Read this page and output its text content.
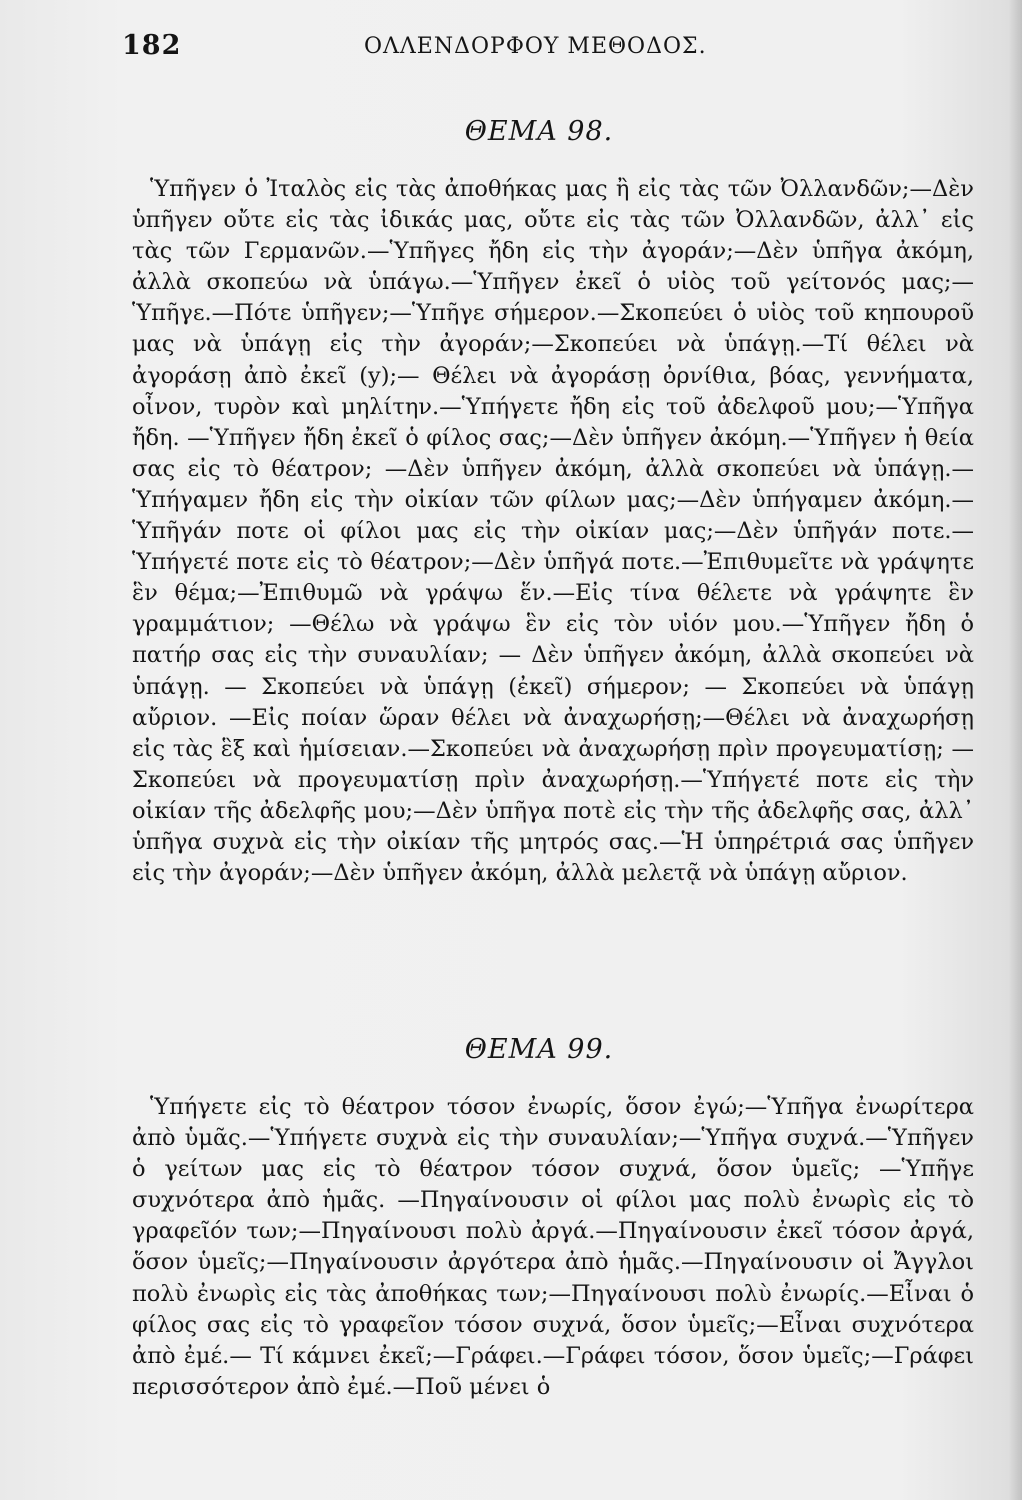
182	ΟΛΛΕΝΔΟΡΦΟΥ ΜΕΘΟΔΟΣ.
ΘΕΜΑ 98.

Ὑπῆγεν ὁ Ἰταλὸς εἰς τὰς ἀποθήκας μας ἢ εἰς τὰς τῶν Ὀλλανδῶν;—Δὲν ὑπῆγεν οὔτε εἰς τὰς ἰδικάς μας, οὔτε εἰς τὰς τῶν Ὀλλανδῶν, ἀλλ᾽ εἰς τὰς τῶν Γερμανῶν.—Ὑπῆγες ἤδη εἰς τὴν ἀγοράν;—Δὲν ὑπῆγα ἀκόμη, ἀλλὰ σκοπεύω νὰ ὑπάγω.—Ὑπῆγεν ἐκεῖ ὁ υἱὸς τοῦ γείτονός μας;—Ὑπῆγε.—Πότε ὑπῆγεν;—Ὑπῆγε σήμερον.—Σκοπεύει ὁ υἱὸς τοῦ κηπουροῦ μας νὰ ὑπάγῃ εἰς τὴν ἀγοράν;—Σκοπεύει νὰ ὑπάγῃ.—Τί θέλει νὰ ἀγοράσῃ ἀπὸ ἐκεῖ (y);— Θέλει νὰ ἀγοράσῃ ὀρνίθια, βόας, γεννήματα, οἶνον, τυρὸν καὶ μηλίτην.—Ὑπήγετε ἤδη εἰς τοῦ ἀδελφοῦ μου;—Ὑπῆγα ἤδη. —Ὑπῆγεν ἤδη ἐκεῖ ὁ φίλος σας;—Δὲν ὑπῆγεν ἀκόμη.—Ὑπῆγεν ἡ θεία σας εἰς τὸ θέατρον; —Δὲν ὑπῆγεν ἀκόμη, ἀλλὰ σκοπεύει νὰ ὑπάγῃ.—Ὑπήγαμεν ἤδη εἰς τὴν οἰκίαν τῶν φίλων μας;—Δὲν ὑπήγαμεν ἀκόμη.—Ὑπῆγάν ποτε οἱ φίλοι μας εἰς τὴν οἰκίαν μας;—Δὲν ὑπῆγάν ποτε.—Ὑπήγετέ ποτε εἰς τὸ θέατρον;—Δὲν ὑπῆγά ποτε.—Ἐπιθυμεῖτε νὰ γράψητε ἓν θέμα;—Ἐπιθυμῶ νὰ γράψω ἕν.—Εἰς τίνα θέλετε νὰ γράψητε ἓν γραμμάτιον; —Θέλω νὰ γράψω ἓν εἰς τὸν υἱόν μου.—Ὑπῆγεν ἤδη ὁ πατήρ σας εἰς τὴν συναυλίαν; — Δὲν ὑπῆγεν ἀκόμη, ἀλλὰ σκοπεύει νὰ ὑπάγῃ. — Σκοπεύει νὰ ὑπάγῃ (ἐκεῖ) σήμερον; — Σκοπεύει νὰ ὑπάγῃ αὔριον. —Εἰς ποίαν ὥραν θέλει νὰ ἀναχωρήσῃ;—Θέλει νὰ ἀναχωρήσῃ εἰς τὰς ἓξ καὶ ἡμίσειαν.—Σκοπεύει νὰ ἀναχωρήσῃ πρὶν προγευματίσῃ; —Σκοπεύει νὰ προγευματίσῃ πρὶν ἀναχωρήσῃ.—Ὑπήγετέ ποτε εἰς τὴν οἰκίαν τῆς ἀδελφῆς μου;—Δὲν ὑπῆγα ποτὲ εἰς τὴν τῆς ἀδελφῆς σας, ἀλλ᾽ ὑπῆγα συχνὰ εἰς τὴν οἰκίαν τῆς μητρός σας.—Ἡ ὑπηρέτριά σας ὑπῆγεν εἰς τὴν ἀγοράν;—Δὲν ὑπῆγεν ἀκόμη, ἀλλὰ μελετᾷ νὰ ὑπάγῃ αὔριον.

ΘΕΜΑ 99.

Ὑπήγετε εἰς τὸ θέατρον τόσον ἐνωρίς, ὅσον ἐγώ;—Ὑπῆγα ἐνωρίτερα ἀπὸ ὑμᾶς.—Ὑπήγετε συχνὰ εἰς τὴν συναυλίαν;—Ὑπῆγα συχνά.—Ὑπῆγεν ὁ γείτων μας εἰς τὸ θέατρον τόσον συχνά, ὅσον ὑμεῖς; —Ὑπῆγε συχνότερα ἀπὸ ἡμᾶς. —Πηγαίνουσιν οἱ φίλοι μας πολὺ ἐνωρὶς εἰς τὸ γραφεῖόν των;—Πηγαίνουσι πολὺ ἀργά.—Πηγαίνουσιν ἐκεῖ τόσον ἀργά, ὅσον ὑμεῖς;—Πηγαίνουσιν ἀργότερα ἀπὸ ἡμᾶς.—Πηγαίνουσιν οἱ Ἄγγλοι πολὺ ἐνωρὶς εἰς τὰς ἀποθήκας των;—Πηγαίνουσι πολὺ ἐνωρίς.—Εἶναι ὁ φίλος σας εἰς τὸ γραφεῖον τόσον συχνά, ὅσον ὑμεῖς;—Εἶναι συχνότερα ἀπὸ ἐμέ.— Τί κάμνει ἐκεῖ;—Γράφει.—Γράφει τόσον, ὅσον ὑμεῖς;—Γράφει περισσότερον ἀπὸ ἐμέ.—Ποῦ μένει ὁ
